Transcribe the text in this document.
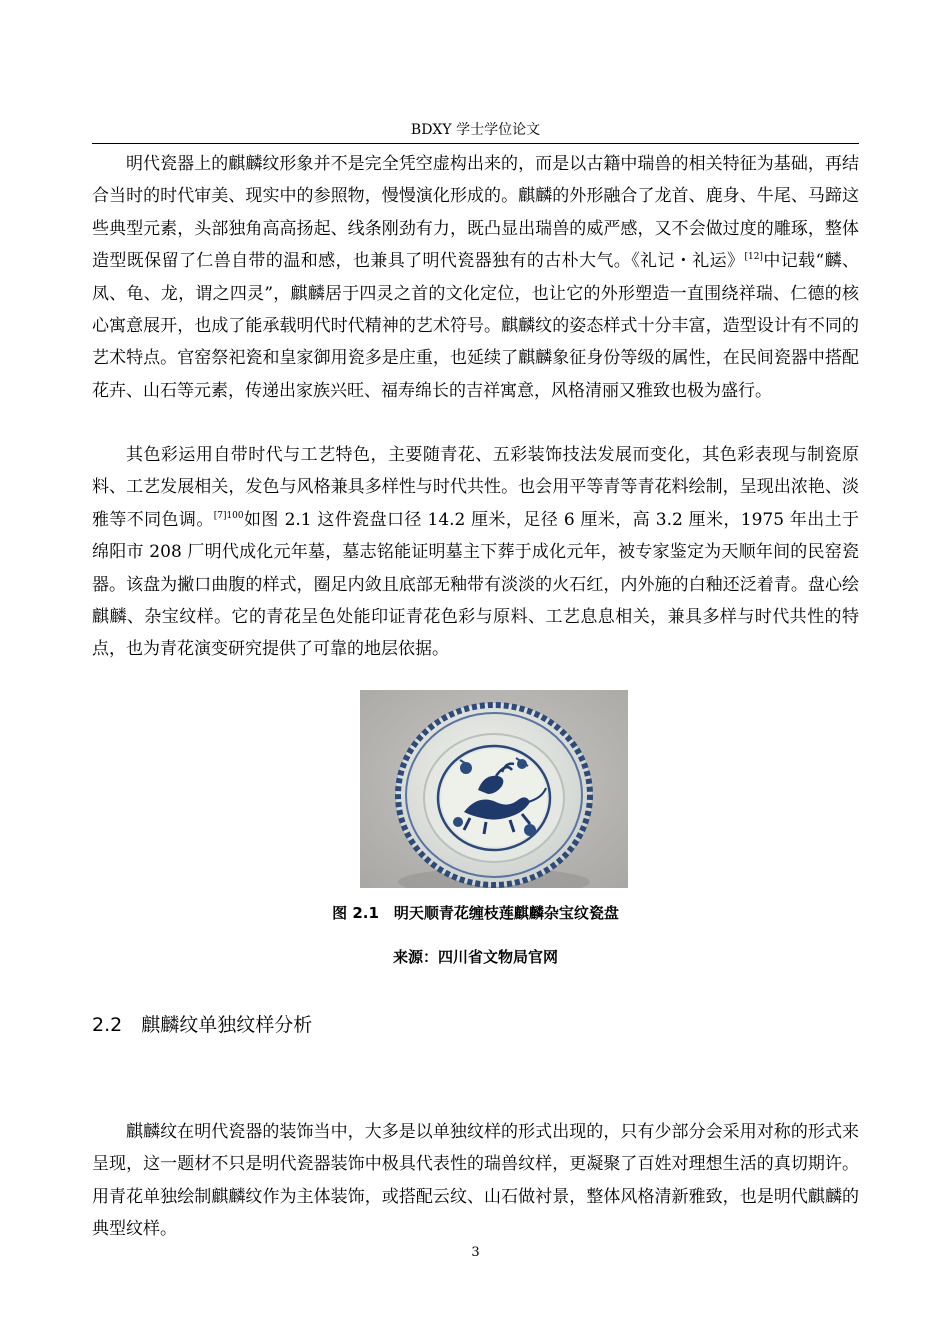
BDXY 学士学位论文

明代瓷器上的麒麟纹形象并不是完全凭空虚构出来的，而是以古籍中瑞兽的相关特征为基础，再结合当时的时代审美、现实中的参照物，慢慢演化形成的。麒麟的外形融合了龙首、鹿身、牛尾、马蹄这些典型元素，头部独角高高扬起、线条刚劲有力，既凸显出瑞兽的威严感，又不会做过度的雕琢，整体造型既保留了仁兽自带的温和感，也兼具了明代瓷器独有的古朴大气。《礼记・礼运》[12]中记载“麟、凤、龟、龙，谓之四灵”，麒麟居于四灵之首的文化定位，也让它的外形塑造一直围绕祥瑞、仁德的核心寓意展开，也成了能承载明代时代精神的艺术符号。麒麟纹的姿态样式十分丰富，造型设计有不同的艺术特点。官窑祭祀瓷和皇家御用瓷多是庄重，也延续了麒麟象征身份等级的属性，在民间瓷器中搭配花卉、山石等元素，传递出家族兴旺、福寿绵长的吉祥寓意，风格清丽又雅致也极为盛行。

其色彩运用自带时代与工艺特色，主要随青花、五彩装饰技法发展而变化，其色彩表现与制瓷原料、工艺发展相关，发色与风格兼具多样性与时代共性。也会用平等青等青花料绘制，呈现出浓艳、淡雅等不同色调。$^{[7]100}$如图 2.1 这件瓷盘口径 14.2 厘米，足径 6 厘米，高 3.2 厘米，1975 年出土于绵阳市 208 厂明代成化元年墓，墓志铭能证明墓主下葬于成化元年，被专家鉴定为天顺年间的民窑瓷器。该盘为撇口曲腹的样式，圈足内敛且底部无釉带有淡淡的火石红，内外施的白釉还泛着青。盘心绘麒麟、杂宝纹样。它的青花呈色处能印证青花色彩与原料、工艺息息相关，兼具多样与时代共性的特点，也为青花演变研究提供了可靠的地层依据。

图 2.1　明天顺青花缠枝莲麒麟杂宝纹瓷盘
来源：四川省文物局官网
2.2　麒麟纹单独纹样分析

麒麟纹在明代瓷器的装饰当中，大多是以单独纹样的形式出现的，只有少部分会采用对称的形式来呈现，这一题材不只是明代瓷器装饰中极具代表性的瑞兽纹样，更凝聚了百姓对理想生活的真切期许。用青花单独绘制麒麟纹作为主体装饰，或搭配云纹、山石做衬景，整体风格清新雅致，也是明代麒麟的典型纹样。

3
